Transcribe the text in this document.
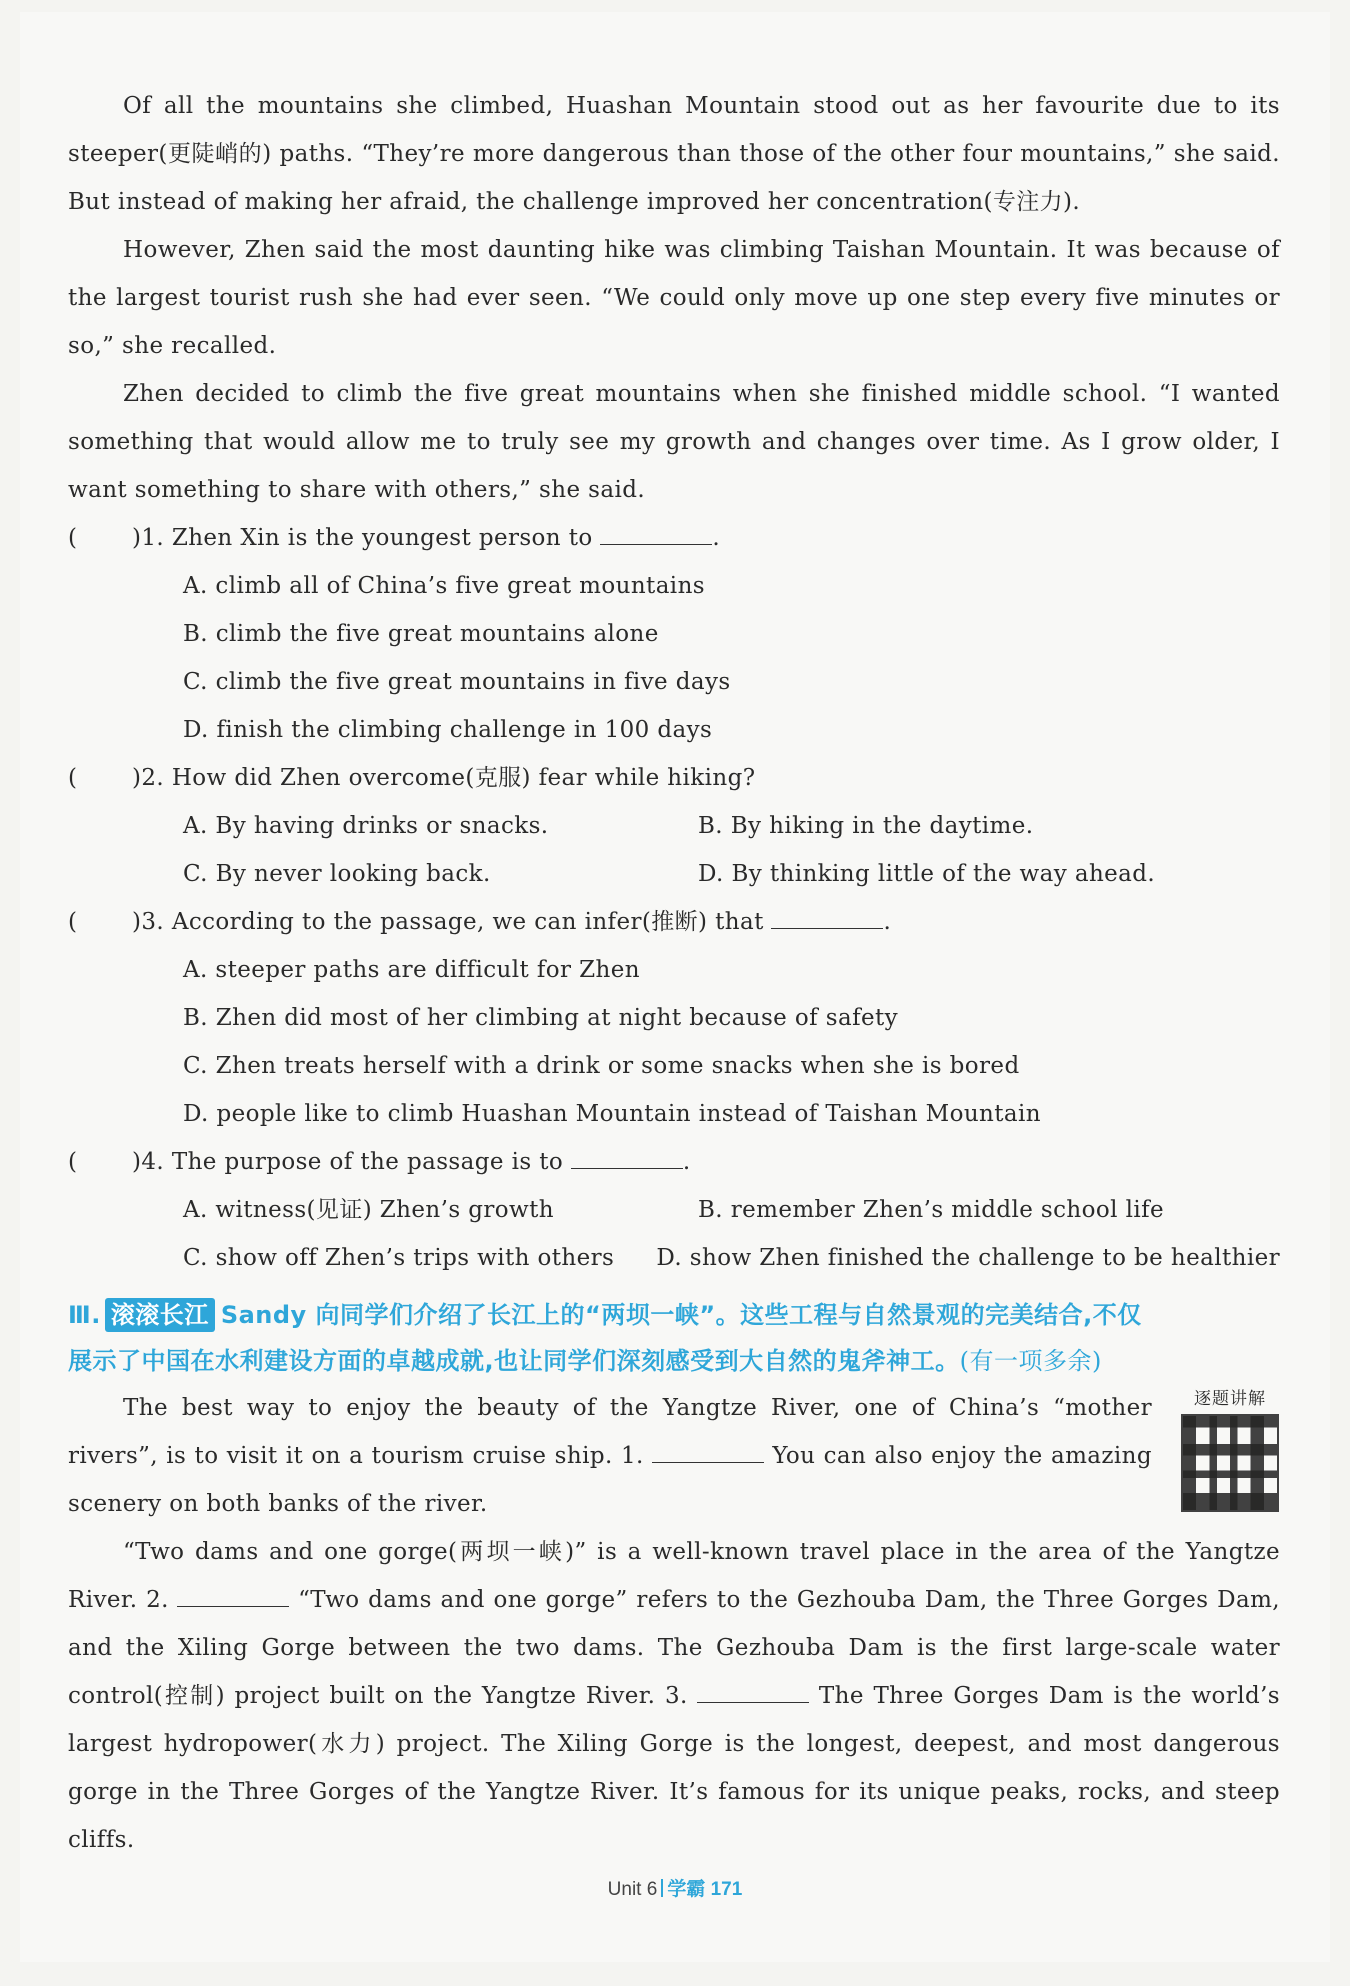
Of all the mountains she climbed, Huashan Mountain stood out as her favourite due to its steeper(更陡峭的) paths. “They’re more dangerous than those of the other four mountains,” she said. But instead of making her afraid, the challenge improved her concentration(专注力).

However, Zhen said the most daunting hike was climbing Taishan Mountain. It was because of the largest tourist rush she had ever seen. “We could only move up one step every five minutes or so,” she recalled.

Zhen decided to climb the five great mountains when she finished middle school. “I wanted something that would allow me to truly see my growth and changes over time. As I grow older, I want something to share with others,” she said.

( )1. Zhen Xin is the youngest person to	.
A. climb all of China’s five great mountains
B. climb the five great mountains alone
C. climb the five great mountains in five days
D. finish the climbing challenge in 100 days
( )2. How did Zhen overcome(克服) fear while hiking?
A. By having drinks or snacks.	B. By hiking in the daytime.
C. By never looking back.	D. By thinking little of the way ahead.
( )3. According to the passage, we can infer(推断) that	.
A. steeper paths are difficult for Zhen
B. Zhen did most of her climbing at night because of safety
C. Zhen treats herself with a drink or some snacks when she is bored
D. people like to climb Huashan Mountain instead of Taishan Mountain
( )4. The purpose of the passage is to	.
A. witness(见证) Zhen’s growth	B. remember Zhen’s middle school life
C. show off Zhen’s trips with others	D. show Zhen finished the challenge to be healthier
Ⅲ. 滚滚长江 Sandy 向同学们介绍了长江上的“两坝一峡”。这些工程与自然景观的完美结合,不仅
展示了中国在水利建设方面的卓越成就,也让同学们深刻感受到大自然的鬼斧神工。(有一项多余)
逐题讲解

The best way to enjoy the beauty of the Yangtze River, one of China’s “mother rivers”, is to visit it on a tourism cruise ship. 1.	You can also enjoy the amazing scenery on both banks of the river.

“Two dams and one gorge(两坝一峡)” is a well-known travel place in the area of the Yangtze River. 2.	“Two dams and one gorge” refers to the Gezhouba Dam, the Three Gorges Dam, and the Xiling Gorge between the two dams. The Gezhouba Dam is the first large-scale water control(控制) project built on the Yangtze River. 3.	The Three Gorges Dam is the world’s largest hydropower(水力) project. The Xiling Gorge is the longest, deepest, and most dangerous gorge in the Three Gorges of the Yangtze River. It’s famous for its unique peaks, rocks, and steep cliffs.

Unit 6 学霸 171
